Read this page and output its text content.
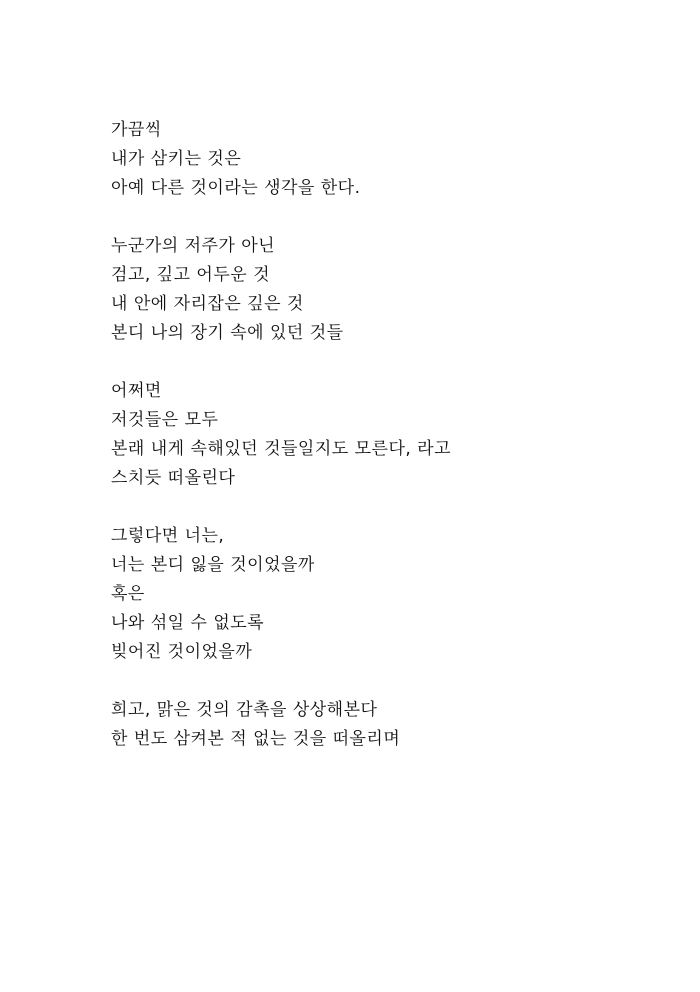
가끔씩
내가 삼키는 것은
아예 다른 것이라는 생각을 한다.
누군가의 저주가 아닌
검고, 깊고 어두운 것
내 안에 자리잡은 깊은 것
본디 나의 장기 속에 있던 것들
어쩌면
저것들은 모두
본래 내게 속해있던 것들일지도 모른다, 라고
스치듯 떠올린다
그렇다면 너는,
너는 본디 잃을 것이었을까
혹은
나와 섞일 수 없도록
빚어진 것이었을까
희고, 맑은 것의 감촉을 상상해본다
한 번도 삼켜본 적 없는 것을 떠올리며
